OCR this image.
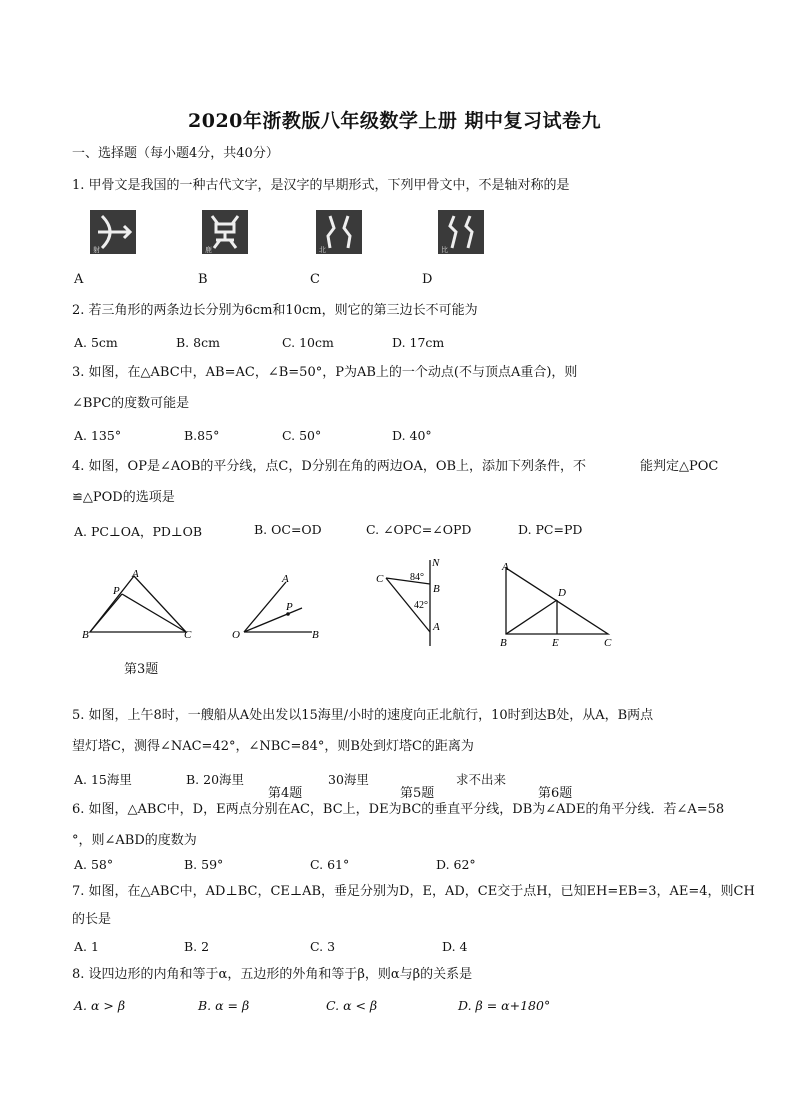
2020年浙教版八年级数学上册 期中复习试卷九
一、选择题（每小题4分，共40分）
1. 甲骨文是我国的一种古代文字，是汉字的早期形式，下列甲骨文中，不是轴对称的是
射	鹿	北	比
A	B	C	D
2. 若三角形的两条边长分别为6cm和10cm，则它的第三边长不可能为
A. 5cm	B. 8cm	C. 10cm	D. 17cm
3. 如图，在△ABC中，AB=AC，∠B=50°，P为AB上的一个动点(不与顶点A重合)，则
∠BPC的度数可能是
A. 135°	B.85°	C. 50°	D. 40°
4. 如图，OP是∠AOB的平分线，点C，D分别在角的两边OA，OB上，添加下列条件，不	能判定△POC
≌△POD的选项是
A. PC⊥OA，PD⊥OB	B. OC=OD	C. ∠OPC=∠OPD	D. PC=PD
A
P
B	C
第3题
A
P
O	B
N
C	84°
B
42°
A
A
D
B	E	C
5. 如图，上午8时，一艘船从A处出发以15海里/小时的速度向正北航行，10时到达B处，从A，B两点
望灯塔C，测得∠NAC=42°，∠NBC=84°，则B处到灯塔C的距离为
A. 15海里	B. 20海里	30海里	求不出来
第4题	第5题	第6题
6. 如图，△ABC中，D，E两点分别在AC，BC上，DE为BC的垂直平分线，DB为∠ADE的角平分线．若∠A=58
°，则∠ABD的度数为
A. 58°	B. 59°	C. 61°	D. 62°
7. 如图，在△ABC中，AD⊥BC，CE⊥AB，垂足分别为D，E，AD，CE交于点H，已知EH=EB=3，AE=4，则CH
的长是
A. 1	B. 2	C. 3	D. 4
8. 设四边形的内角和等于α，五边形的外角和等于β，则α与β的关系是
A. α > β	B. α = β	C. α < β	D. β = α+180°
